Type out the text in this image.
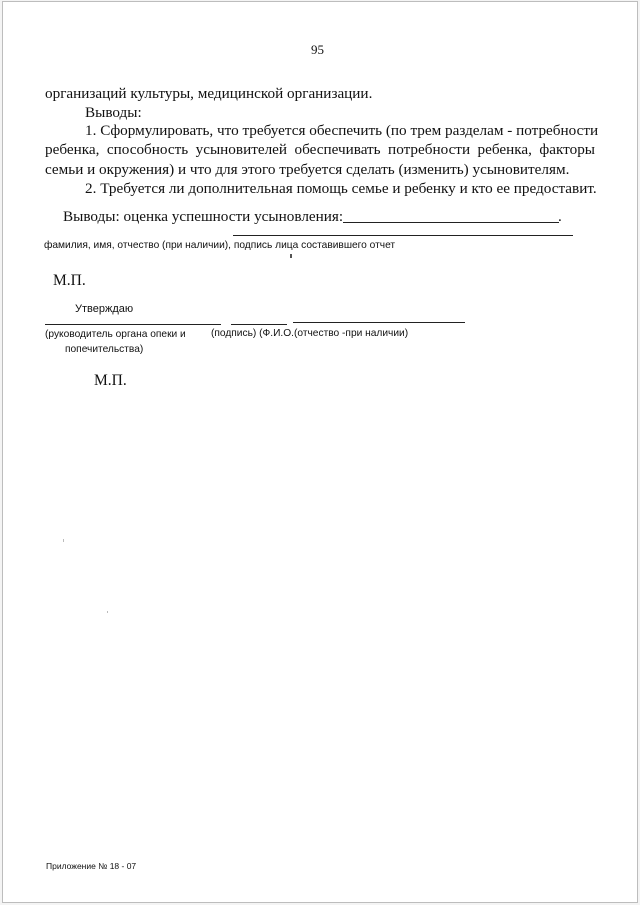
95
организаций культуры, медицинской организации.
Выводы:
1. Сформулировать, что требуется обеспечить (по трем разделам - потребности
ребенка, способность усыновителей обеспечивать потребности ребенка, факторы
семьи и окружения) и что для этого требуется сделать (изменить) усыновителям.
2. Требуется ли дополнительная помощь семье и ребенку и кто ее предоставит.
Выводы: оценка успешности усыновления:	.
фамилия, имя, отчество (при наличии), подпись лица составившего отчет
М.П.
Утверждаю
(руководитель органа опеки и
попечительства)
(подпись) (Ф.И.О.(отчество -при наличии)
М.П.
Приложение № 18 - 07
